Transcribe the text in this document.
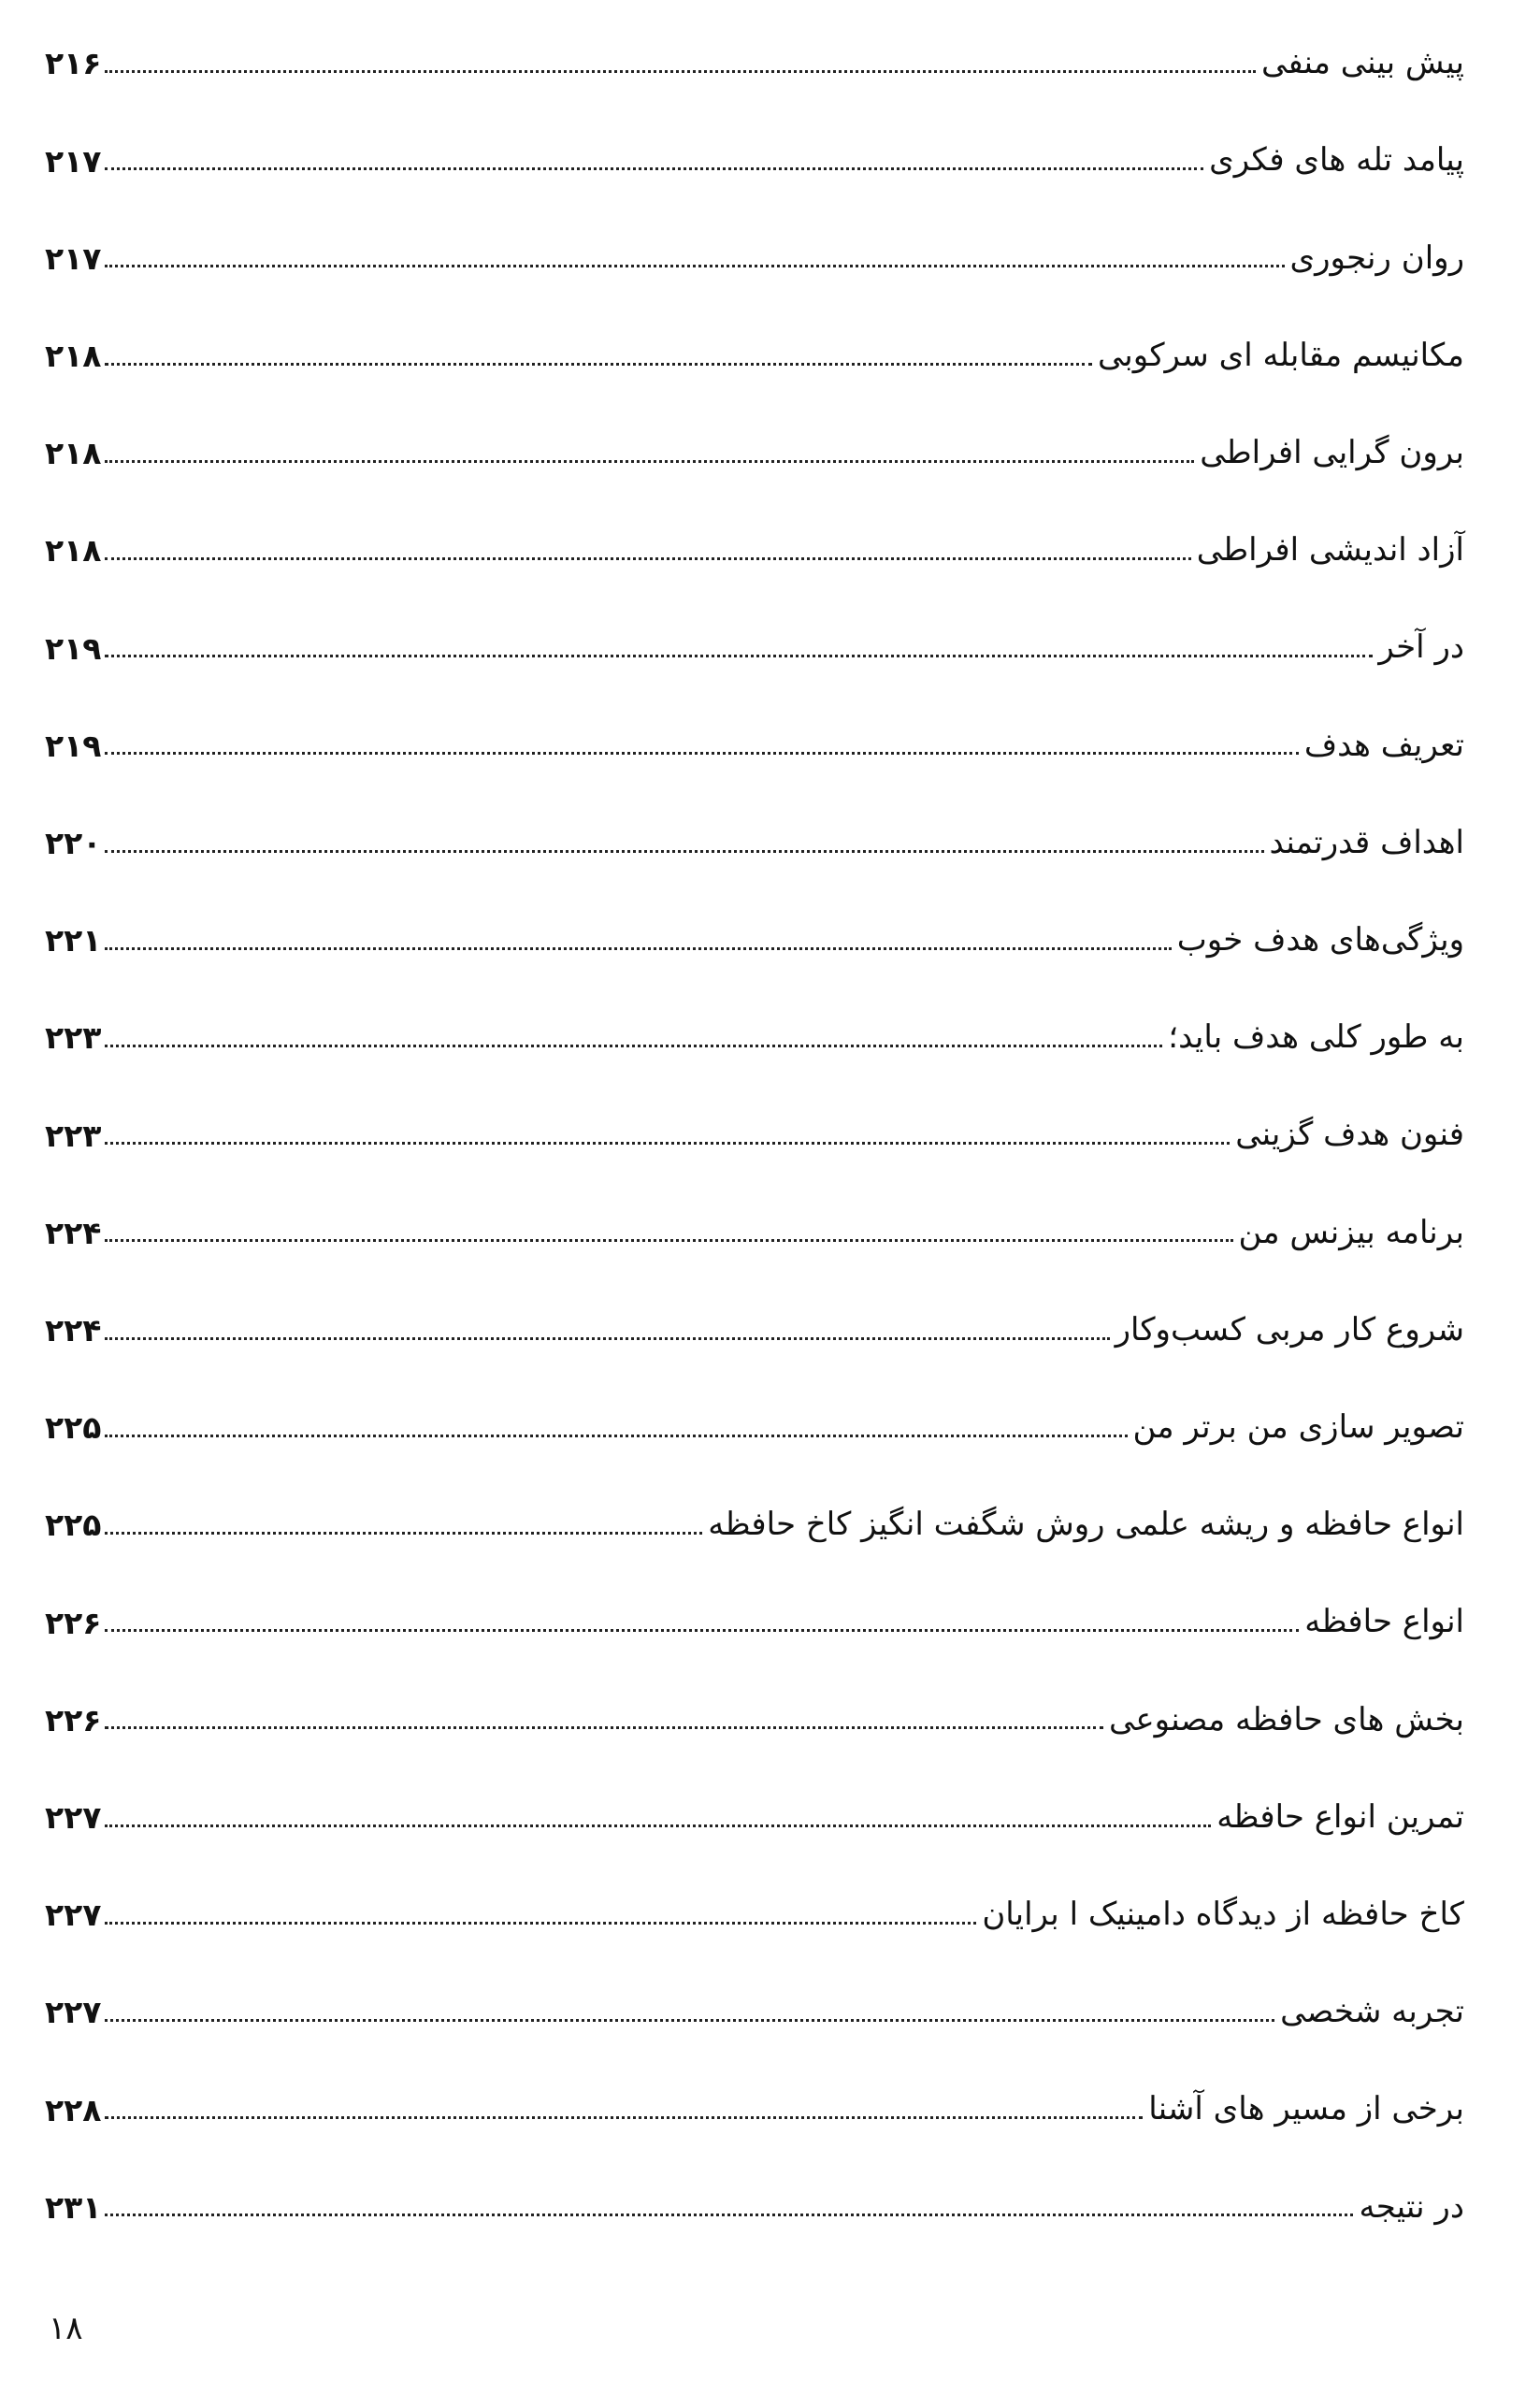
پیش بینی منفی
۲۱۶
پیامد تله های فکری
۲۱۷
روان رنجوری
۲۱۷
مکانیسم مقابله ای سرکوبی
۲۱۸
برون گرایی افراطی
۲۱۸
آزاد اندیشی افراطی
۲۱۸
در آخر
۲۱۹
تعریف هدف
۲۱۹
اهداف قدرتمند
۲۲۰
ویژگی‌های هدف خوب
۲۲۱
به طور کلی هدف باید؛
۲۲۳
فنون هدف گزینی
۲۲۳
برنامه بیزنس من
۲۲۴
شروع کار مربی کسب‌وکار
۲۲۴
تصویر سازی من برتر من
۲۲۵
انواع حافظه و ریشه علمی روش شگفت انگیز کاخ حافظه
۲۲۵
انواع حافظه
۲۲۶
بخش های حافظه مصنوعی
۲۲۶
تمرین انواع حافظه
۲۲۷
کاخ حافظه از دیدگاه دامینیک ا برایان
۲۲۷
تجربه شخصی
۲۲۷
برخی از مسیر های آشنا
۲۲۸
در نتیجه
۲۳۱
۱۸
